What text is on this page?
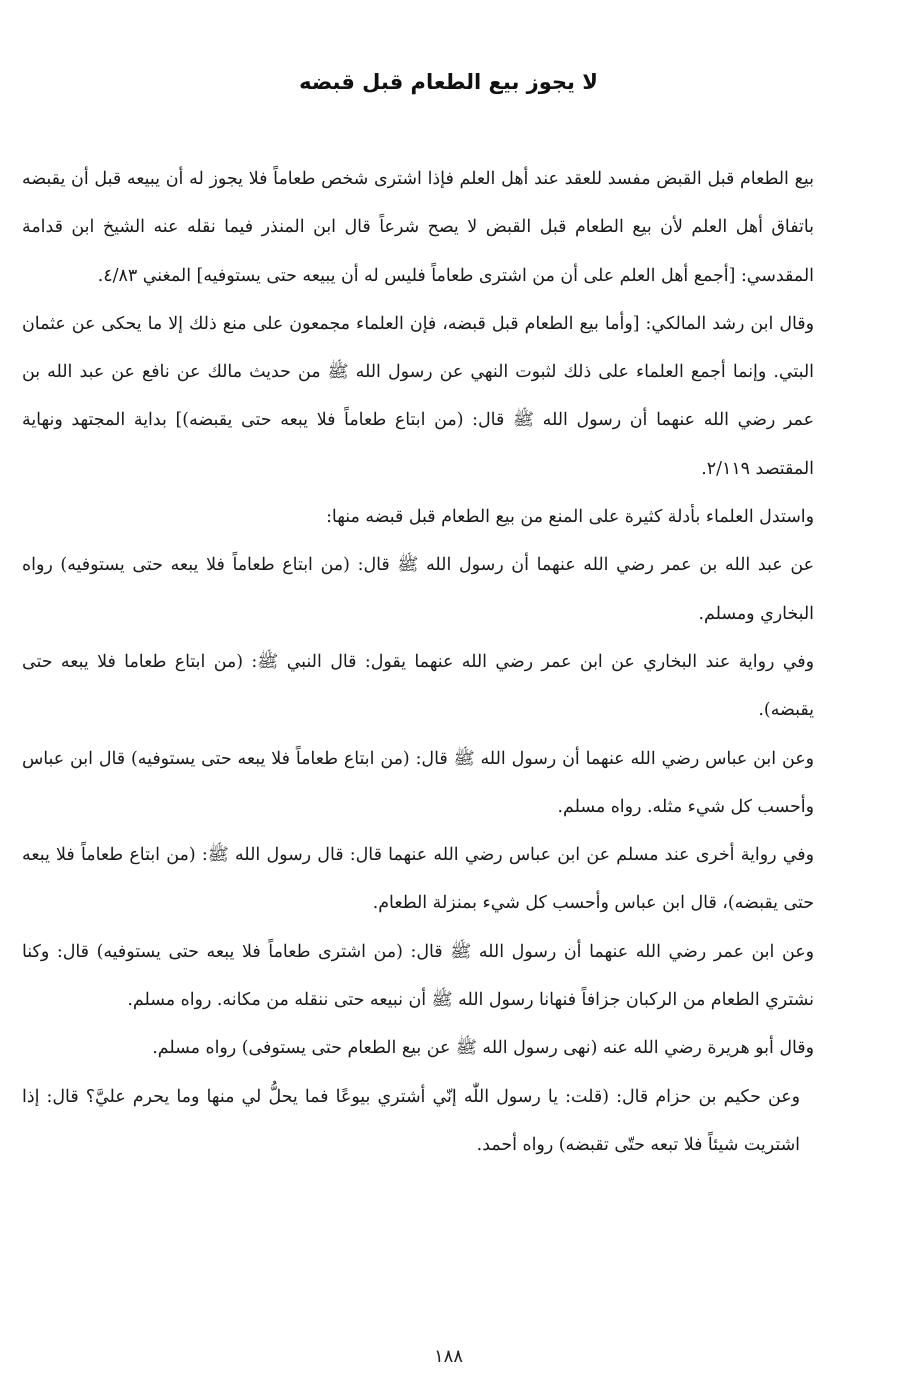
لا يجوز بيع الطعام قبل قبضه

بيع الطعام قبل القبض مفسد للعقد عند أهل العلم فإذا اشترى شخص طعاماً فلا يجوز له أن يبيعه قبل أن يقبضه باتفاق أهل العلم لأن بيع الطعام قبل القبض لا يصح شرعاً قال ابن المنذر فيما نقله عنه الشيخ ابن قدامة المقدسي: [أجمع أهل العلم على أن من اشترى طعاماً فليس له أن يبيعه حتى يستوفيه] المغني ٤/٨٣.

وقال ابن رشد المالكي: [وأما بيع الطعام قبل قبضه، فإن العلماء مجمعون على منع ذلك إلا ما يحكى عن عثمان البتي. وإنما أجمع العلماء على ذلك لثبوت النهي عن رسول الله ﷺ من حديث مالك عن نافع عن عبد الله بن عمر رضي الله عنهما أن رسول الله ﷺ قال: (من ابتاع طعاماً فلا يبعه حتى يقبضه)] بداية المجتهد ونهاية المقتصد ٢/١١٩.

واستدل العلماء بأدلة كثيرة على المنع من بيع الطعام قبل قبضه منها:

عن عبد الله بن عمر رضي الله عنهما أن رسول الله ﷺ قال: (من ابتاع طعاماً فلا يبعه حتى يستوفيه) رواه البخاري ومسلم.

وفي رواية عند البخاري عن ابن عمر رضي الله عنهما يقول: قال النبي ﷺ: (من ابتاع طعاما فلا يبعه حتى يقبضه).

وعن ابن عباس رضي الله عنهما أن رسول الله ﷺ قال: (من ابتاع طعاماً فلا يبعه حتى يستوفيه) قال ابن عباس وأحسب كل شيء مثله. رواه مسلم.

وفي رواية أخرى عند مسلم عن ابن عباس رضي الله عنهما قال: قال رسول الله ﷺ: (من ابتاع طعاماً فلا يبعه حتى يقبضه)، قال ابن عباس وأحسب كل شيء بمنزلة الطعام.

وعن ابن عمر رضي الله عنهما أن رسول الله ﷺ قال: (من اشترى طعاماً فلا يبعه حتى يستوفيه) قال: وكنا نشتري الطعام من الركبان جزافاً فنهانا رسول الله ﷺ أن نبيعه حتى ننقله من مكانه. رواه مسلم.

وقال أبو هريرة رضي الله عنه (نهى رسول الله ﷺ عن بيع الطعام حتى يستوفى) رواه مسلم.

وعن حكيم بن حزام قال: (قلت: يا رسول اللّٰه إنّي أشتري بيوعًا فما يحلُّ لي منها وما يحرم عليَّ؟ قال: إذا اشتريت شيئاً فلا تبعه حتّى تقبضه) رواه أحمد.

١٨٨
